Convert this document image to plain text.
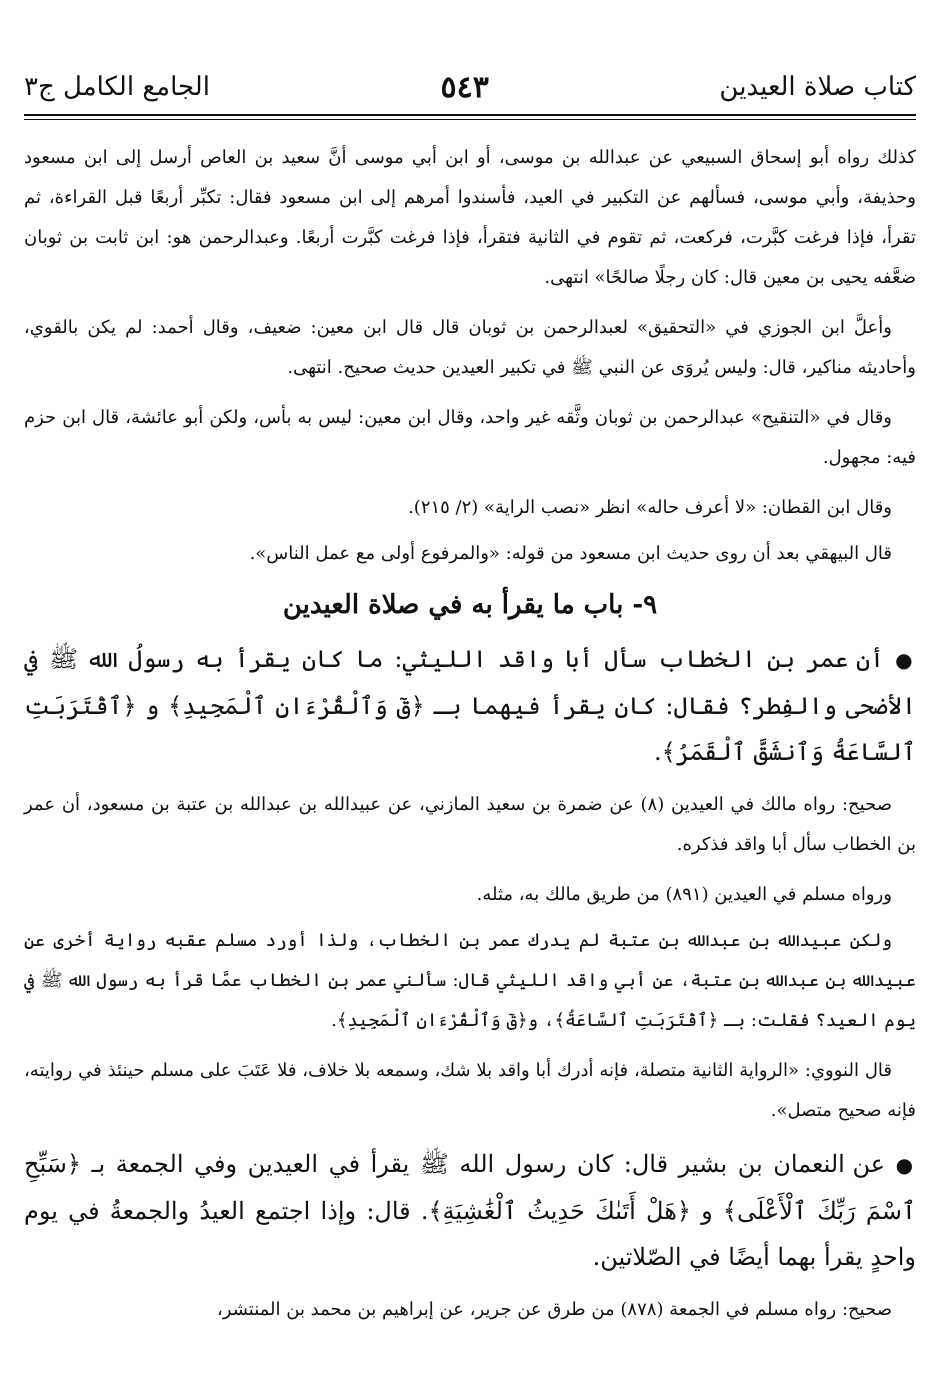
كتاب صلاة العيدين
٥٤٣
الجامع الكامل ج٣

كذلك رواه أبو إسحاق السبيعي عن عبدالله بن موسى، أو ابن أبي موسى أنَّ سعيد بن العاص أرسل إلى ابن مسعود وحذيفة، وأبي موسى، فسألهم عن التكبير في العيد، فأسندوا أمرهم إلى ابن مسعود فقال: تكبِّر أربعًا قبل القراءة، ثم تقرأ، فإذا فرغت كبَّرت، فركعت، ثم تقوم في الثانية فتقرأ، فإذا فرغت كبَّرت أربعًا. وعبدالرحمن هو: ابن ثابت بن ثوبان ضعَّفه يحيى بن معين قال: كان رجلًا صالحًا» انتهى.

وأعلَّ ابن الجوزي في «التحقيق» لعبدالرحمن بن ثوبان قال قال ابن معين: ضعيف، وقال أحمد: لم يكن بالقوي، وأحاديثه مناكير، قال: وليس يُروَى عن النبي ﷺ في تكبير العيدين حديث صحيح. انتهى.

وقال في «التنقيح» عبدالرحمن بن ثوبان وثَّقه غير واحد، وقال ابن معين: ليس به بأس، ولكن أبو عائشة، قال ابن حزم فيه: مجهول.

وقال ابن القطان: «لا أعرف حاله» انظر «نصب الراية» (٢/ ٢١٥).

قال البيهقي بعد أن روى حديث ابن مسعود من قوله: «والمرفوع أولى مع عمل الناس».

٩- باب ما يقرأ به في صلاة العيدين

● أن عمر بن الخطاب سأل أبا واقد الليثي: ما كان يقرأ به رسولُ الله ﷺ في الأضحى والفِطر؟ فقال: كان يقرأ فيهما بـ ﴿قٓ وَٱلْقُرْءَانِ ٱلْمَجِيدِ﴾ و ﴿ٱقْتَرَبَتِ ٱلسَّاعَةُ وَٱنشَقَّ ٱلْقَمَرُ﴾.

صحيح: رواه مالك في العيدين (٨) عن ضمرة بن سعيد المازني، عن عبيدالله بن عبدالله بن عتبة بن مسعود، أن عمر بن الخطاب سأل أبا واقد فذكره.

ورواه مسلم في العيدين (٨٩١) من طريق مالك به، مثله.

ولكن عبيدالله بن عبدالله بن عتبة لم يدرك عمر بن الخطاب، ولذا أورد مسلم عقبه رواية أخرى عن عبيدالله بن عبدالله بن عتبة، عن أبي واقد الليثي قال: سألني عمر بن الخطاب عمَّا قرأ به رسول الله ﷺ في يوم العيد؟ فقلت: بـ ﴿ٱقْتَرَبَتِ ٱلسَّاعَةُ﴾، و﴿قٓ وَٱلْقُرْءَانِ ٱلْمَجِيدِ﴾.

قال النووي: «الرواية الثانية متصلة، فإنه أدرك أبا واقد بلا شك، وسمعه بلا خلاف، فلا عَتَبَ على مسلم حينئذ في روايته، فإنه صحيح متصل».

● عن النعمان بن بشير قال: كان رسول الله ﷺ يقرأ في العيدين وفي الجمعة بـ ﴿سَبِّحِ ٱسْمَ رَبِّكَ ٱلْأَعْلَى﴾ و ﴿هَلْ أَتَىٰكَ حَدِيثُ ٱلْغَٰشِيَةِ﴾. قال: وإذا اجتمع العيدُ والجمعةُ في يوم واحدٍ يقرأ بهما أيضًا في الصّلاتين.

صحيح: رواه مسلم في الجمعة (٨٧٨) من طرق عن جرير، عن إبراهيم بن محمد بن المنتشر،
